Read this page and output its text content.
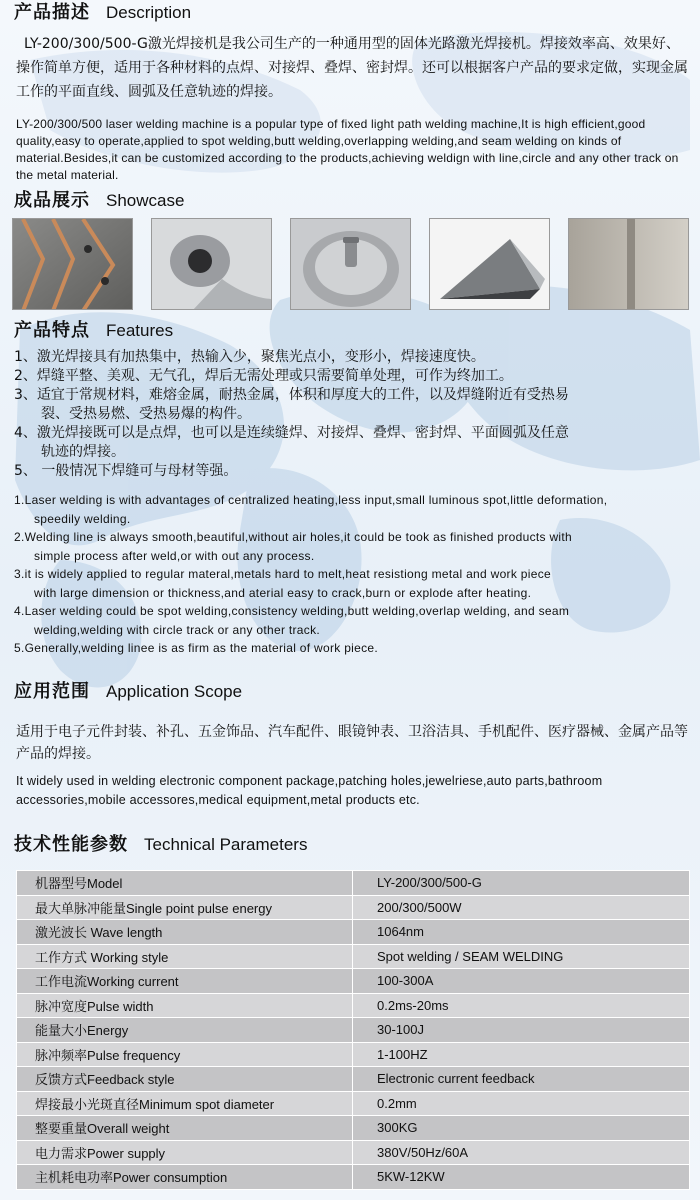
产品描述 Description

LY-200/300/500-G激光焊接机是我公司生产的一种通用型的固体光路激光焊接机。焊接效率高、效果好、操作简单方便，适用于各种材料的点焊、对接焊、叠焊、密封焊。还可以根据客户产品的要求定做，实现金属工作的平面直线、圆弧及任意轨迹的焊接。

LY-200/300/500 laser welding machine is a popular type of fixed light path welding machine,It is high efficient,good quality,easy to operate,applied to spot welding,butt welding,overlapping welding,and seam welding on kinds of material.Besides,it can be customized according to the products,achieving weldign with line,circle and any other track on the metal material.

成品展示 Showcase
产品特点 Features
1、激光焊接具有加热集中，热输入少，聚焦光点小，变形小，焊接速度快。
2、焊缝平整、美观、无气孔，焊后无需处理或只需要简单处理，可作为终加工。
3、适宜于常规材料，难熔金属，耐热金属，体积和厚度大的工件，以及焊缝附近有受热易
裂、受热易燃、受热易爆的构件。
4、激光焊接既可以是点焊，也可以是连续缝焊、对接焊、叠焊、密封焊、平面圆弧及任意
轨迹的焊接。
5、 一般情况下焊缝可与母材等强。
1.Laser welding is with advantages of centralized heating,less input,small luminous spot,little deformation,
speedily welding.
2.Welding line is always smooth,beautiful,without air holes,it could be took as finished products with
simple process after weld,or with out any process.
3.it is widely applied to regular materal,metals hard to melt,heat resistiong metal and work piece
with large dimension or thickness,and aterial easy to crack,burn or explode after heating.
4.Laser welding could be spot welding,consistency welding,butt welding,overlap welding, and seam
welding,welding with circle track or any other track.
5.Generally,welding linee is as firm as the material of work piece.
应用范围 Application Scope

适用于电子元件封装、补孔、五金饰品、汽车配件、眼镜钟表、卫浴洁具、手机配件、医疗器械、金属产品等产品的焊接。

It widely used in welding electronic component package,patching holes,jewelriese,auto parts,bathroom accessories,mobile accessores,medical equipment,metal products etc.

技术性能参数 Technical Parameters
机器型号Model	LY-200/300/500-G
最大单脉冲能量Single point pulse energy	200/300/500W
激光波长 Wave length	1064nm
工作方式 Working style	Spot welding / SEAM WELDING
工作电流Working current	100-300A
脉冲宽度Pulse width	0.2ms-20ms
能量大小Energy	30-100J
脉冲频率Pulse frequency	1-100HZ
反馈方式Feedback style	Electronic current feedback
焊接最小光斑直径Minimum spot diameter	0.2mm
整要重量Overall weight	300KG
电力需求Power supply	380V/50Hz/60A
主机耗电功率Power consumption	5KW-12KW
